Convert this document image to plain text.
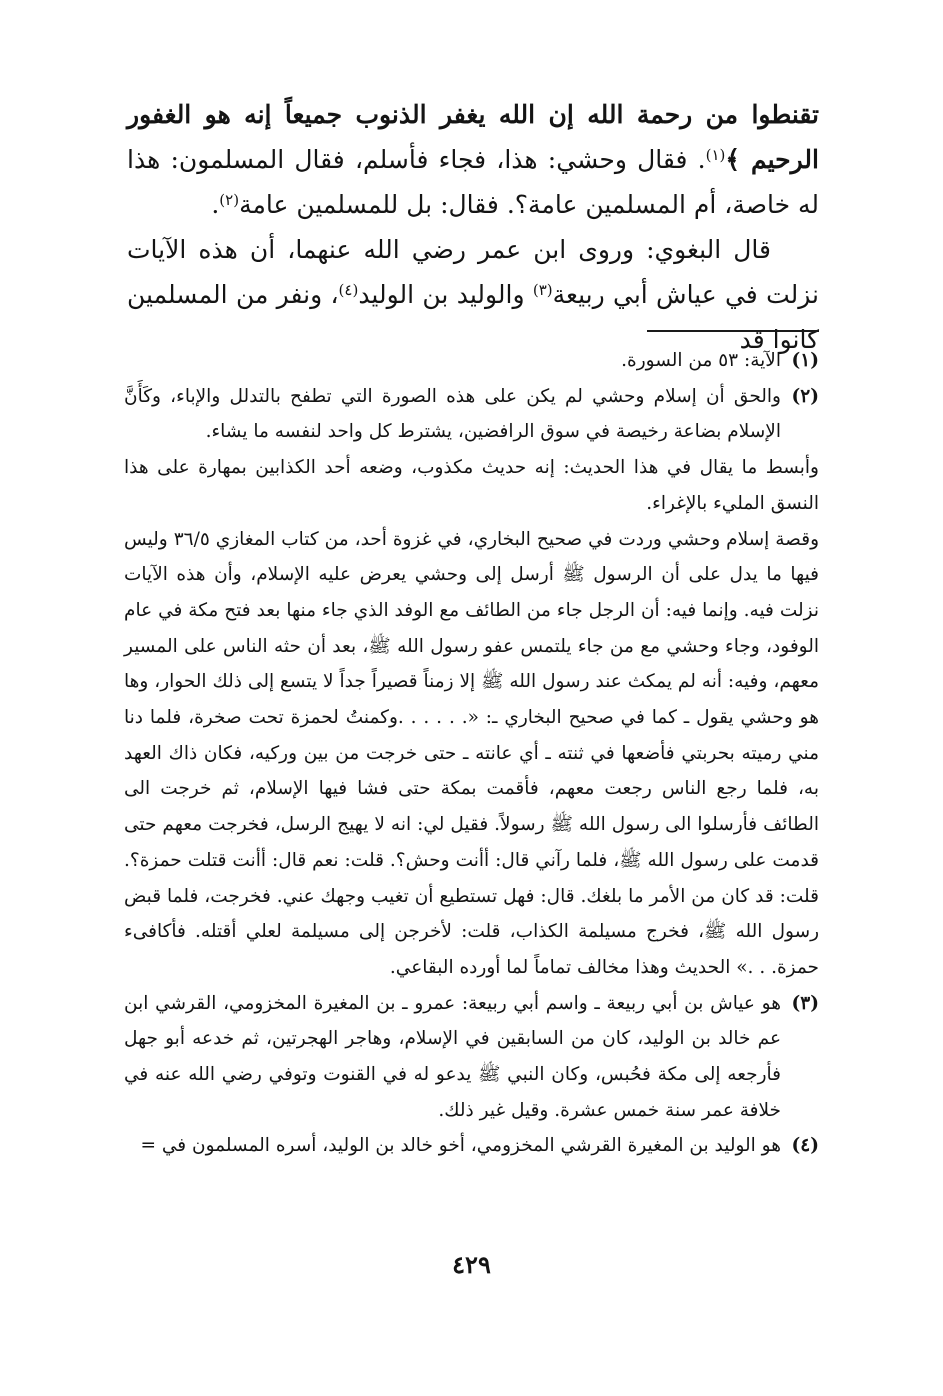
تقنطوا من رحمة الله إن الله يغفر الذنوب جميعاً إنه هو الغفور الرحيم ﴾$^{(١)}$. فقال وحشي: هذا، فجاء فأسلم، فقال المسلمون: هذا له خاصة، أم المسلمين عامة؟. فقال: بل للمسلمين عامة$^{(٢)}$.

قال البغوي: وروى ابن عمر رضي الله عنهما، أن هذه الآيات نزلت في عياش أبي ربيعة$^{(٣)}$ والوليد بن الوليد$^{(٤)}$، ونفر من المسلمين كانوا قد

(١)
الآية: ٥٣ من السورة.
(٢)
والحق أن إسلام وحشي لم يكن على هذه الصورة التي تطفح بالتدلل والإباء، وكَأَنَّ الإسلام بضاعة رخيصة في سوق الرافضين، يشترط كل واحد لنفسه ما يشاء.

وأبسط ما يقال في هذا الحديث: إنه حديث مكذوب، وضعه أحد الكذابين بمهارة على هذا النسق المليء بالإغراء.

وقصة إسلام وحشي وردت في صحيح البخاري، في غزوة أحد، من كتاب المغازي ٣٦/٥ وليس فيها ما يدل على أن الرسول ﷺ أرسل إلى وحشي يعرض عليه الإسلام، وأن هذه الآيات نزلت فيه. وإنما فيه: أن الرجل جاء من الطائف مع الوفد الذي جاء منها بعد فتح مكة في عام الوفود، وجاء وحشي مع من جاء يلتمس عفو رسول الله ﷺ، بعد أن حثه الناس على المسير معهم، وفيه: أنه لم يمكث عند رسول الله ﷺ إلا زمناً قصيراً جداً لا يتسع إلى ذلك الحوار، وها هو وحشي يقول ـ كما في صحيح البخاري ـ: «. . . . . .وكمنتُ لحمزة تحت صخرة، فلما دنا مني رميته بحربتي فأضعها في ثنته ـ أي عانته ـ حتى خرجت من بين وركيه، فكان ذاك العهد به، فلما رجع الناس رجعت معهم، فأقمت بمكة حتى فشا فيها الإسلام، ثم خرجت الى الطائف فأرسلوا الى رسول الله ﷺ رسولاً. فقيل لي: انه لا يهيج الرسل، فخرجت معهم حتى قدمت على رسول الله ﷺ، فلما رآني قال: أأنت وحش؟. قلت: نعم قال: أأنت قتلت حمزة؟. قلت: قد كان من الأمر ما بلغك. قال: فهل تستطيع أن تغيب وجهك عني. فخرجت، فلما قبض رسول الله ﷺ، فخرج مسيلمة الكذاب، قلت: لأخرجن إلى مسيلمة لعلي أقتله. فأكافىء حمزة. . .» الحديث وهذا مخالف تماماً لما أورده البقاعي.

(٣)
هو عياش بن أبي ربيعة ـ واسم أبي ربيعة: عمرو ـ بن المغيرة المخزومي، القرشي ابن عم خالد بن الوليد، كان من السابقين في الإسلام، وهاجر الهجرتين، ثم خدعه أبو جهل فأرجعه إلى مكة فحُبس، وكان النبي ﷺ يدعو له في القنوت وتوفي رضي الله عنه في خلافة عمر سنة خمس عشرة. وقيل غير ذلك.
(٤)
هو الوليد بن المغيرة القرشي المخزومي، أخو خالد بن الوليد، أسره المسلمون في =
٤٢٩
